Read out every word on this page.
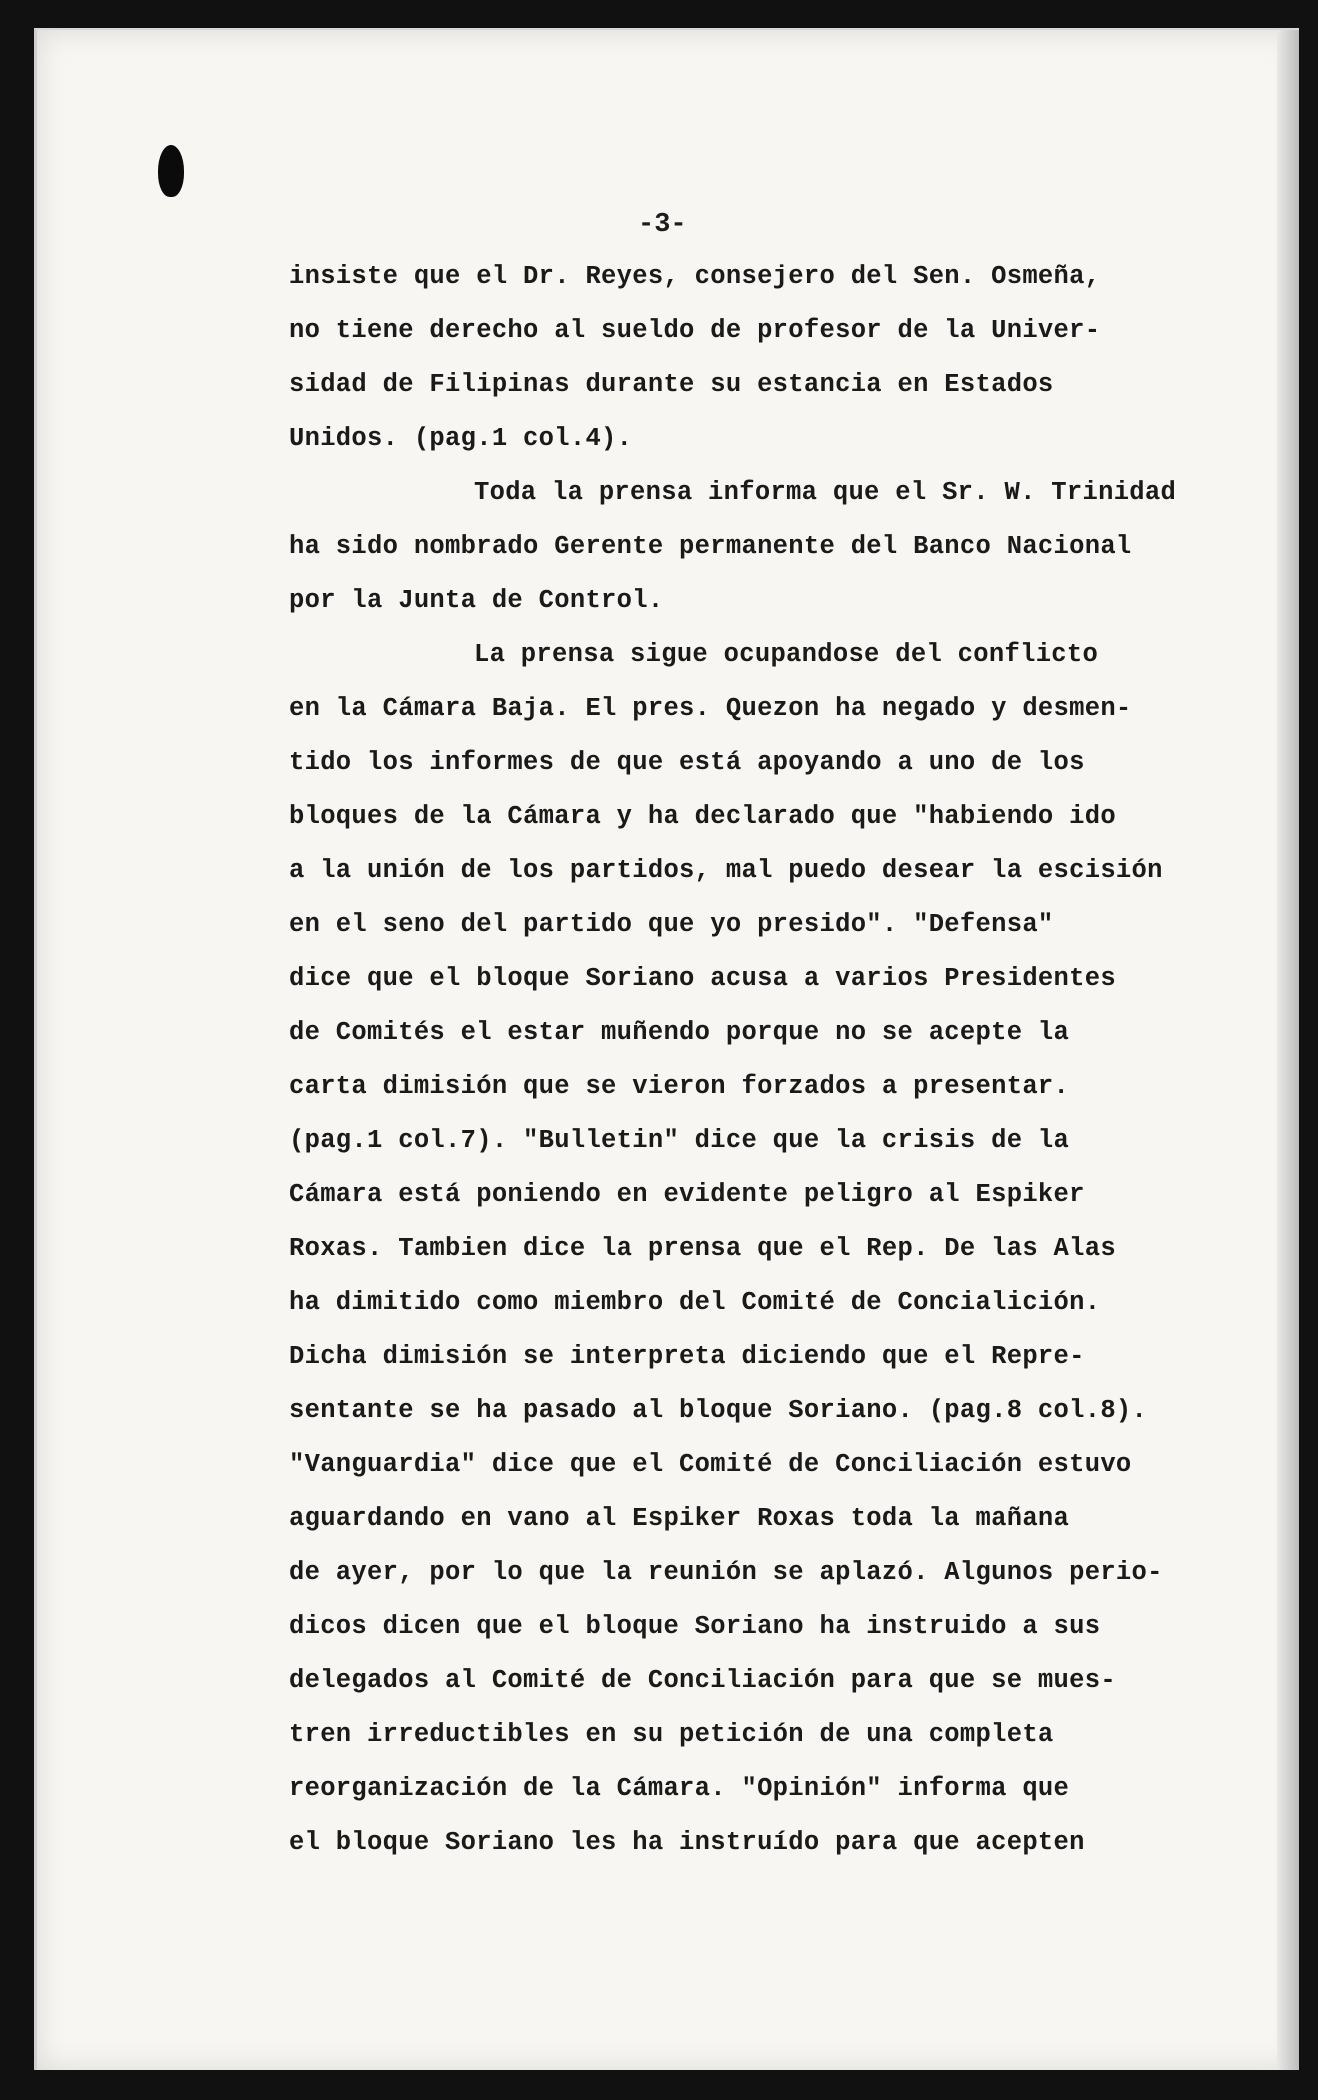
-3-
insiste que el Dr. Reyes, consejero del Sen. Osmeña,
no tiene derecho al sueldo de profesor de la Univer-
sidad de Filipinas durante su estancia en Estados
Unidos. (pag.1 col.4).
Toda la prensa informa que el Sr. W. Trinidad
ha sido nombrado Gerente permanente del Banco Nacional
por la Junta de Control.
La prensa sigue ocupandose del conflicto
en la Cámara Baja. El pres. Quezon ha negado y desmen-
tido los informes de que está apoyando a uno de los
bloques de la Cámara y ha declarado que "habiendo ido
a la unión de los partidos, mal puedo desear la escisión
en el seno del partido que yo presido". "Defensa"
dice que el bloque Soriano acusa a varios Presidentes
de Comités el estar muñendo porque no se acepte la
carta dimisión que se vieron forzados a presentar.
(pag.1 col.7). "Bulletin" dice que la crisis de la
Cámara está poniendo en evidente peligro al Espiker
Roxas. Tambien dice la prensa que el Rep. De las Alas
ha dimitido como miembro del Comité de Concialición.
Dicha dimisión se interpreta diciendo que el Repre-
sentante se ha pasado al bloque Soriano. (pag.8 col.8).
"Vanguardia" dice que el Comité de Conciliación estuvo
aguardando en vano al Espiker Roxas toda la mañana
de ayer, por lo que la reunión se aplazó. Algunos perio-
dicos dicen que el bloque Soriano ha instruido a sus
delegados al Comité de Conciliación para que se mues-
tren irreductibles en su petición de una completa
reorganización de la Cámara. "Opinión" informa que
el bloque Soriano les ha instruído para que acepten
